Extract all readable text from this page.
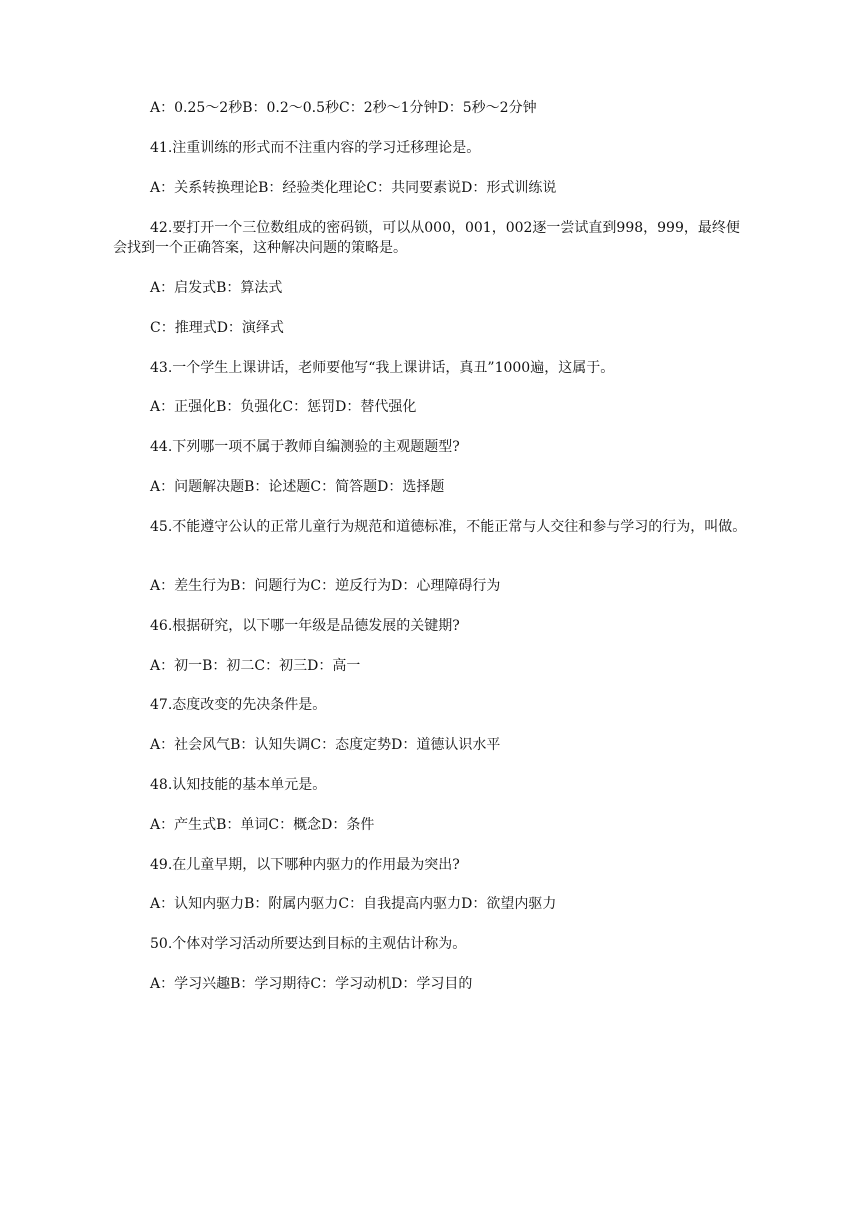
A：0.25～2秒B：0.2～0.5秒C：2秒～1分钟D：5秒～2分钟
41.注重训练的形式而不注重内容的学习迁移理论是。
A：关系转换理论B：经验类化理论C：共同要素说D：形式训练说
42.要打开一个三位数组成的密码锁，可以从000，001，002逐一尝试直到998，999，最终便会找到一个正确答案，这种解决问题的策略是。
A：启发式B：算法式
C：推理式D：演绎式
43.一个学生上课讲话，老师要他写“我上课讲话，真丑”1000遍，这属于。
A：正强化B：负强化C：惩罚D：替代强化
44.下列哪一项不属于教师自编测验的主观题题型?
A：问题解决题B：论述题C：简答题D：选择题
45.不能遵守公认的正常儿童行为规范和道德标准，不能正常与人交往和参与学习的行为，叫做。
A：差生行为B：问题行为C：逆反行为D：心理障碍行为
46.根据研究，以下哪一年级是品德发展的关键期?
A：初一B：初二C：初三D：高一
47.态度改变的先决条件是。
A：社会风气B：认知失调C：态度定势D：道德认识水平
48.认知技能的基本单元是。
A：产生式B：单词C：概念D：条件
49.在儿童早期，以下哪种内驱力的作用最为突出?
A：认知内驱力B：附属内驱力C：自我提高内驱力D：欲望内驱力
50.个体对学习活动所要达到目标的主观估计称为。
A：学习兴趣B：学习期待C：学习动机D：学习目的
